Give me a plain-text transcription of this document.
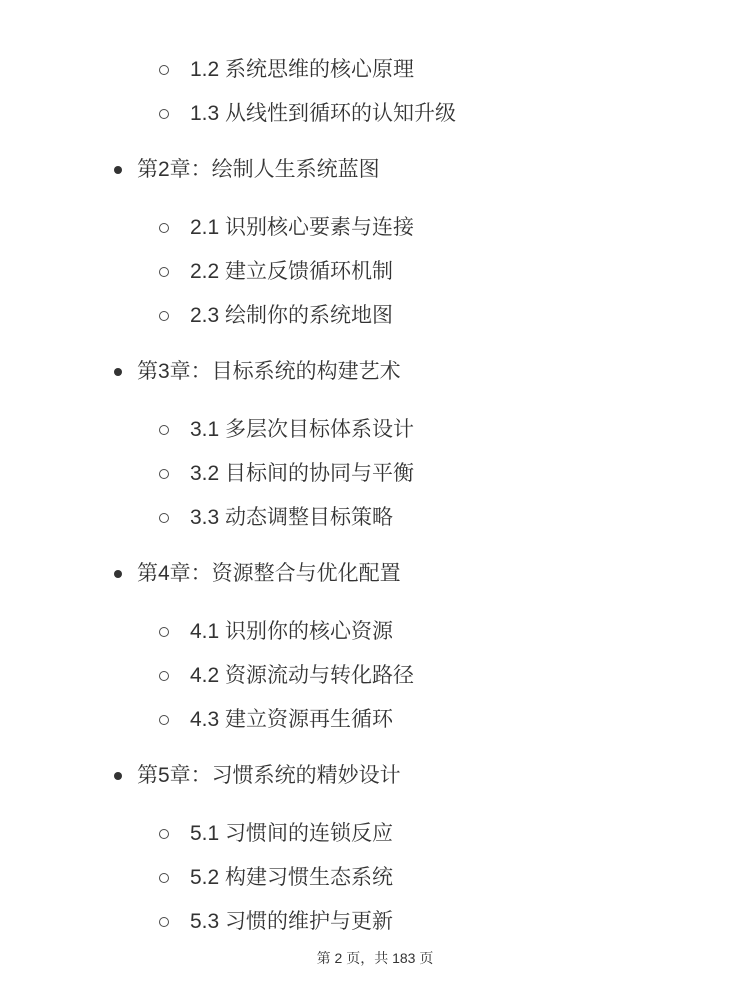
1.2 系统思维的核心原理
1.3 从线性到循环的认知升级
第2章：绘制人生系统蓝图
2.1 识别核心要素与连接
2.2 建立反馈循环机制
2.3 绘制你的系统地图
第3章：目标系统的构建艺术
3.1 多层次目标体系设计
3.2 目标间的协同与平衡
3.3 动态调整目标策略
第4章：资源整合与优化配置
4.1 识别你的核心资源
4.2 资源流动与转化路径
4.3 建立资源再生循环
第5章：习惯系统的精妙设计
5.1 习惯间的连锁反应
5.2 构建习惯生态系统
5.3 习惯的维护与更新
第 2 页，共 183 页
